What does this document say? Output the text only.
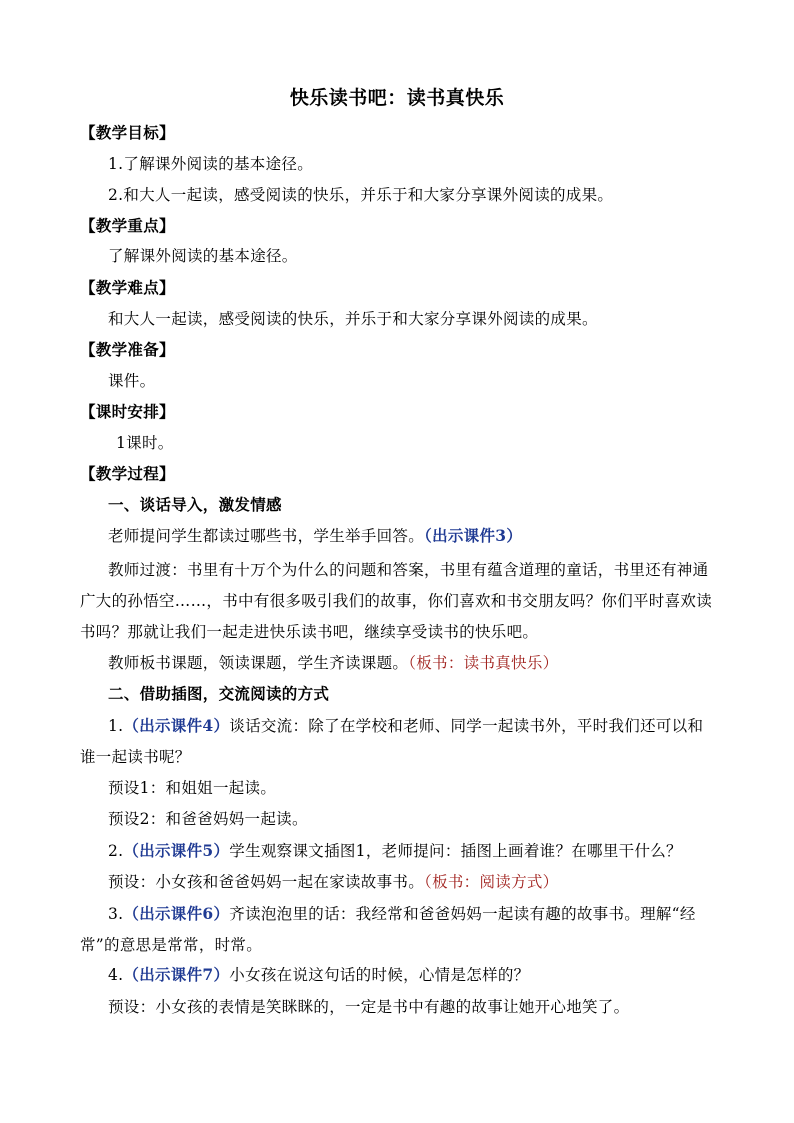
快乐读书吧：读书真快乐
【教学目标】
1.了解课外阅读的基本途径。
2.和大人一起读，感受阅读的快乐，并乐于和大家分享课外阅读的成果。
【教学重点】
了解课外阅读的基本途径。
【教学难点】
和大人一起读，感受阅读的快乐，并乐于和大家分享课外阅读的成果。
【教学准备】
课件。
【课时安排】
1课时。
【教学过程】
一、谈话导入，激发情感
老师提问学生都读过哪些书，学生举手回答。（出示课件3）
教师过渡：书里有十万个为什么的问题和答案，书里有蕴含道理的童话，书里还有神通
广大的孙悟空……，书中有很多吸引我们的故事，你们喜欢和书交朋友吗？你们平时喜欢读
书吗？那就让我们一起走进快乐读书吧，继续享受读书的快乐吧。
教师板书课题，领读课题，学生齐读课题。（板书：读书真快乐）
二、借助插图，交流阅读的方式
1.（出示课件4）谈话交流：除了在学校和老师、同学一起读书外，平时我们还可以和
谁一起读书呢？
预设1：和姐姐一起读。
预设2：和爸爸妈妈一起读。
2.（出示课件5）学生观察课文插图1，老师提问：插图上画着谁？在哪里干什么？
预设：小女孩和爸爸妈妈一起在家读故事书。（板书：阅读方式）
3.（出示课件6）齐读泡泡里的话：我经常和爸爸妈妈一起读有趣的故事书。理解“经
常”的意思是常常，时常。
4.（出示课件7）小女孩在说这句话的时候，心情是怎样的？
预设：小女孩的表情是笑眯眯的，一定是书中有趣的故事让她开心地笑了。
